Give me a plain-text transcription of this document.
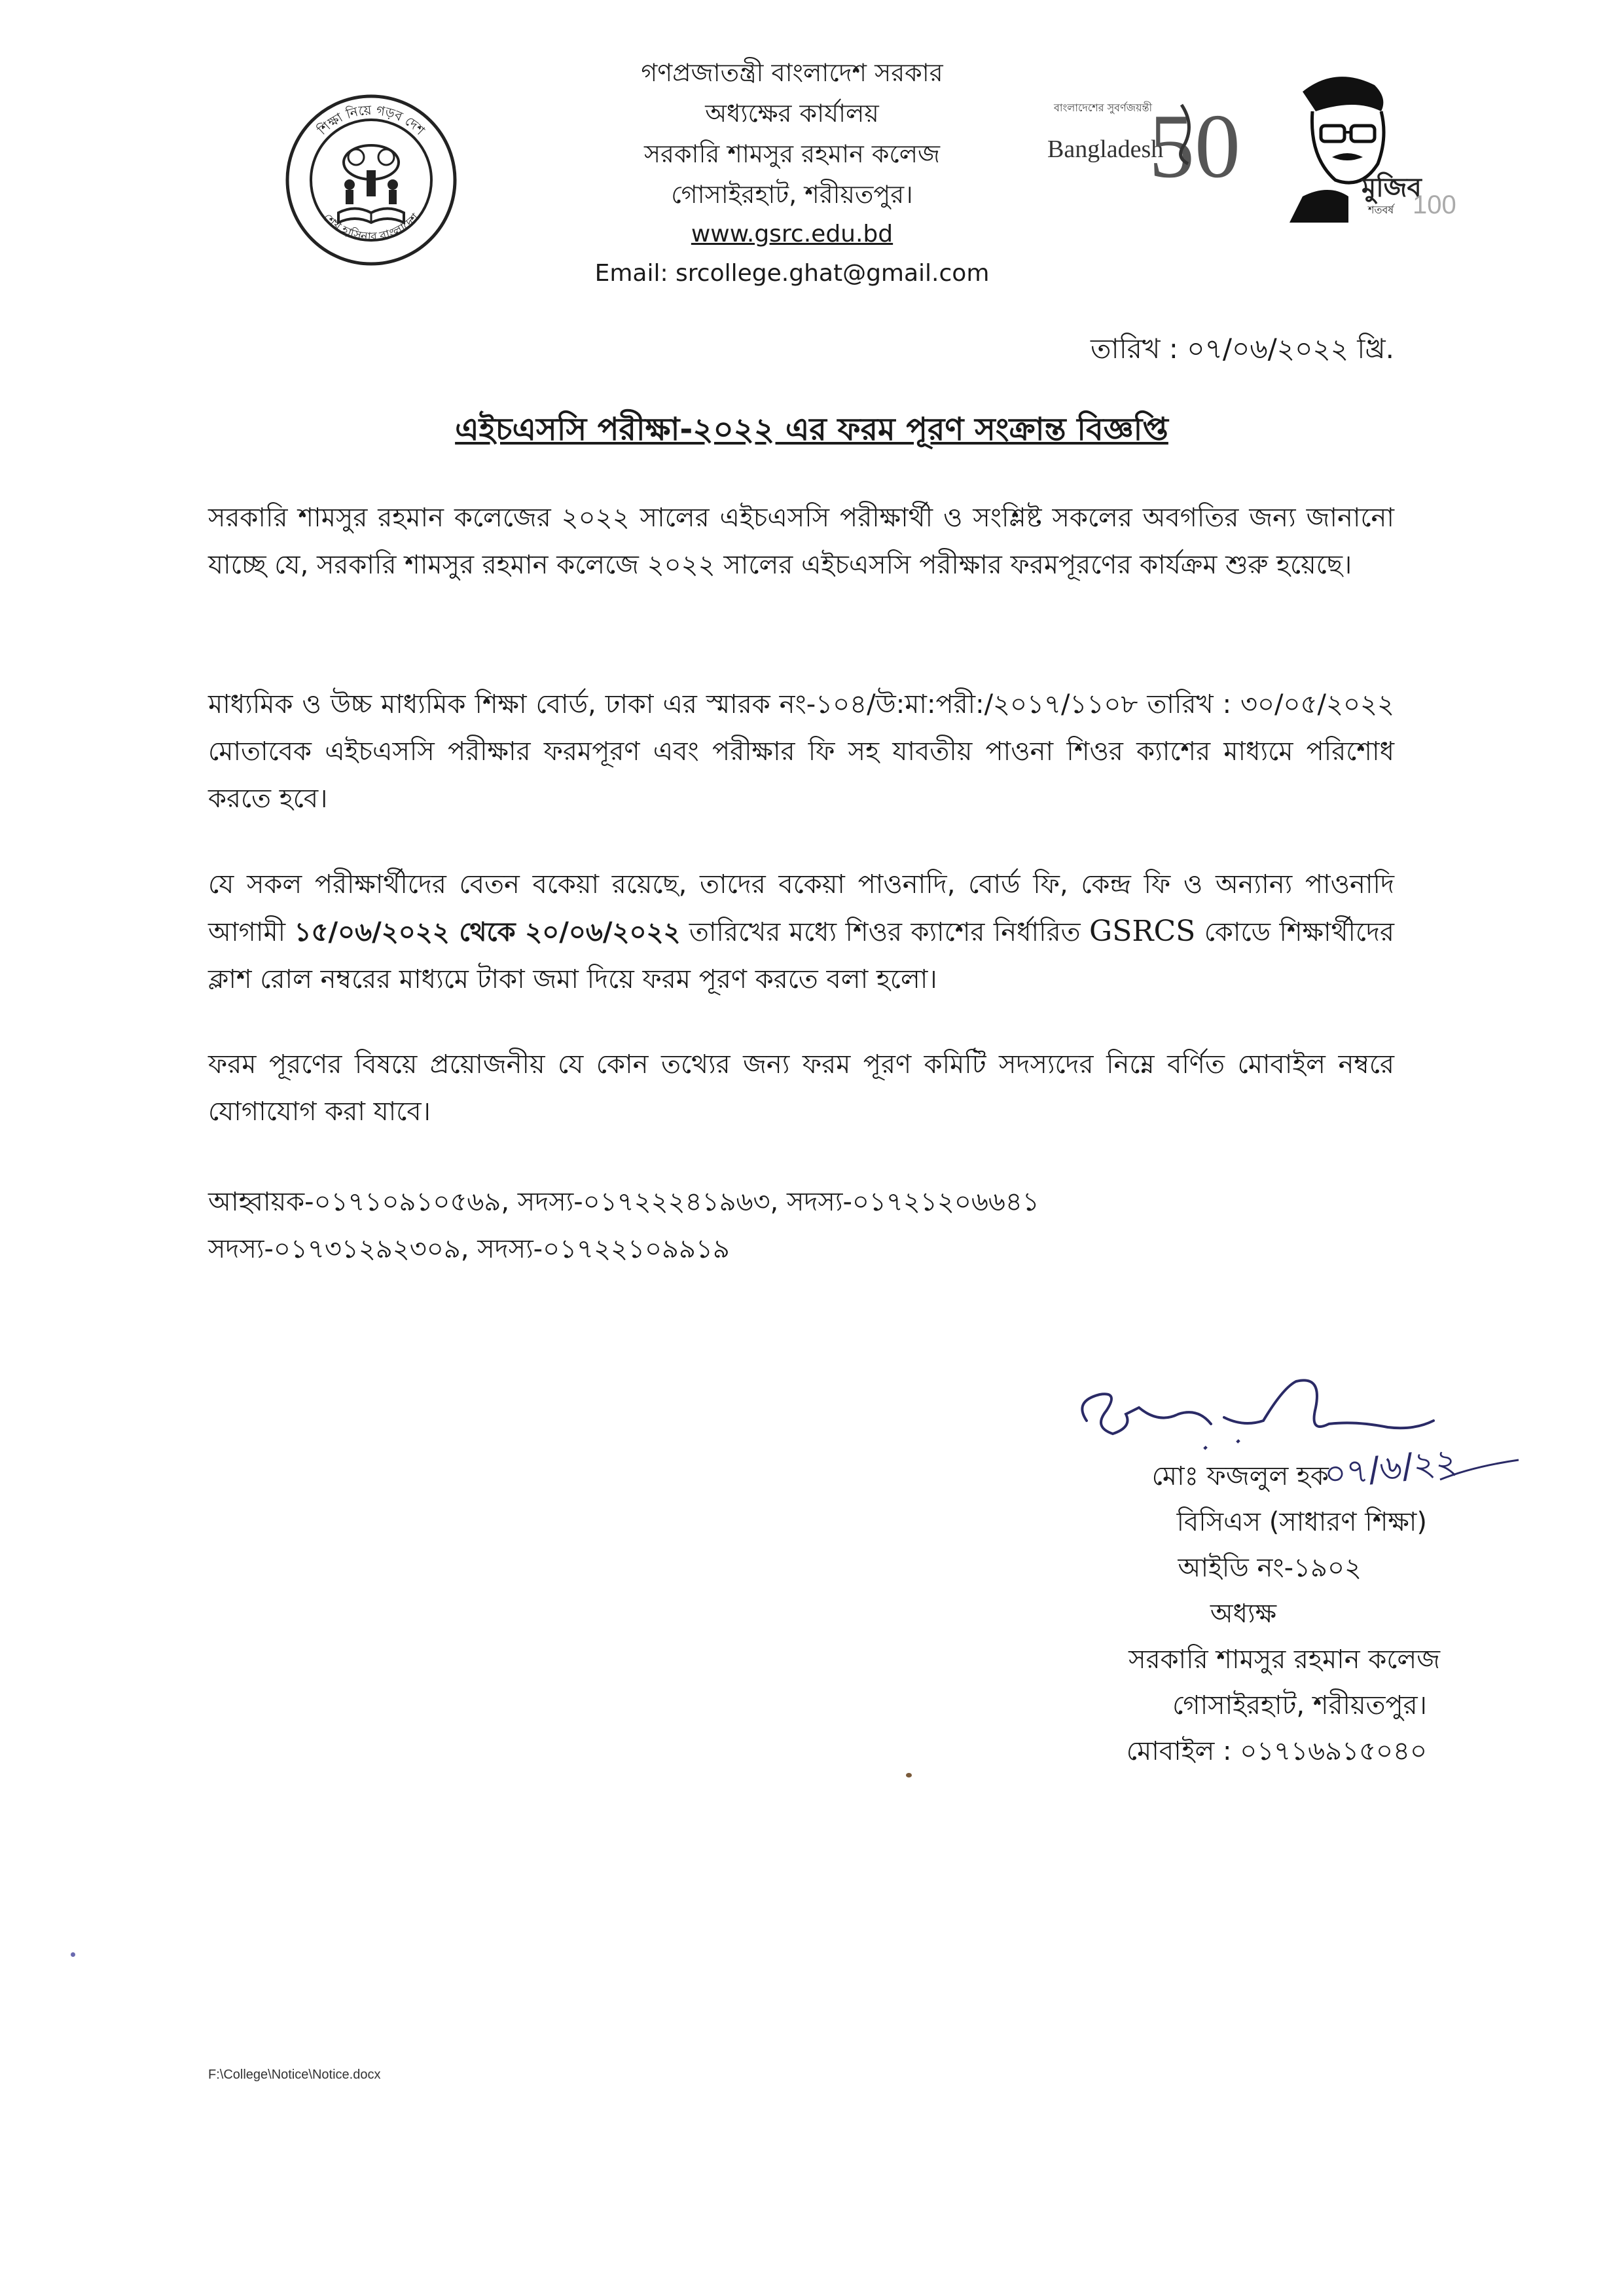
শিক্ষা নিয়ে গড়ব দেশ
শেখ হাসিনার বাংলাদেশ
গণপ্রজাতন্ত্রী বাংলাদেশ সরকার
অধ্যক্ষের কার্যালয়
সরকারি শামসুর রহমান কলেজ
গোসাইরহাট, শরীয়তপুর।
www.gsrc.edu.bd
Email: srcollege.ghat@gmail.com
বাংলাদেশের সুবর্ণজয়ন্তী
Bangladesh
50	মুজিব
শতবর্ষ 100
তারিখ : ০৭/০৬/২০২২ খ্রি.
এইচএসসি পরীক্ষা-২০২২ এর ফরম পূরণ সংক্রান্ত বিজ্ঞপ্তি
সরকারি শামসুর রহমান কলেজের ২০২২ সালের এইচএসসি পরীক্ষার্থী ও সংশ্লিষ্ট সকলের অবগতির জন্য জানানো যাচ্ছে যে, সরকারি শামসুর রহমান কলেজে ২০২২ সালের এইচএসসি পরীক্ষার ফরমপূরণের কার্যক্রম শুরু হয়েছে।
মাধ্যমিক ও উচ্চ মাধ্যমিক শিক্ষা বোর্ড, ঢাকা এর স্মারক নং-১০৪/উ:মা:পরী:/২০১৭/১১০৮ তারিখ : ৩০/০৫/২০২২ মোতাবেক এইচএসসি পরীক্ষার ফরমপূরণ এবং পরীক্ষার ফি সহ যাবতীয় পাওনা শিওর ক্যাশের মাধ্যমে পরিশোধ করতে হবে।
যে সকল পরীক্ষার্থীদের বেতন বকেয়া রয়েছে, তাদের বকেয়া পাওনাদি, বোর্ড ফি, কেন্দ্র ফি ও অন্যান্য পাওনাদি আগামী ১৫/০৬/২০২২ থেকে ২০/০৬/২০২২ তারিখের মধ্যে শিওর ক্যাশের নির্ধারিত GSRCS কোডে শিক্ষার্থীদের ক্লাশ রোল নম্বরের মাধ্যমে টাকা জমা দিয়ে ফরম পূরণ করতে বলা হলো।
ফরম পূরণের বিষয়ে প্রয়োজনীয় যে কোন তথ্যের জন্য ফরম পূরণ কমিটি সদস্যদের নিম্নে বর্ণিত মোবাইল নম্বরে যোগাযোগ করা যাবে।
আহ্বায়ক-০১৭১০৯১০৫৬৯, সদস্য-০১৭২২২৪১৯৬৩, সদস্য-০১৭২১২০৬৬৪১
সদস্য-০১৭৩১২৯২৩০৯, সদস্য-০১৭২২১০৯৯১৯
০৭/৬/২২
মোঃ ফজলুল হক
বিসিএস (সাধারণ শিক্ষা)
আইডি নং-১৯০২
অধ্যক্ষ
সরকারি শামসুর রহমান কলেজ
গোসাইরহাট, শরীয়তপুর।
মোবাইল : ০১৭১৬৯১৫০৪০
F:\College\Notice\Notice.docx
